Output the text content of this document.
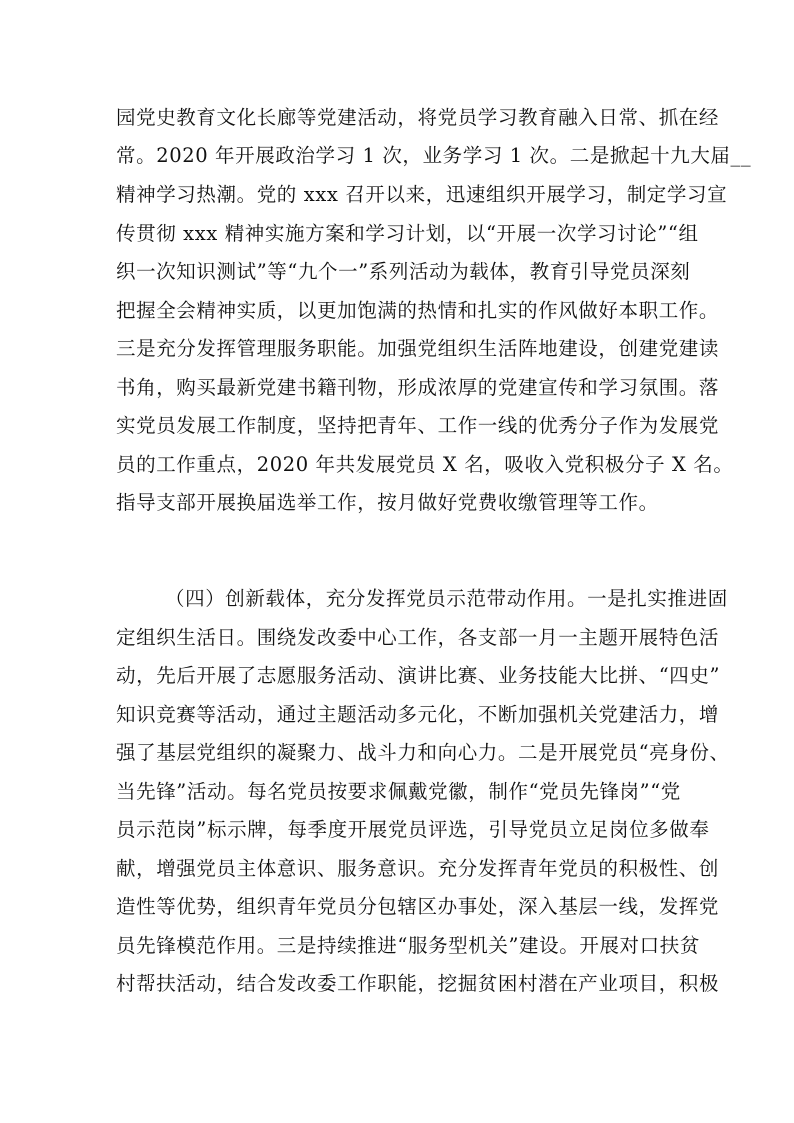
园党史教育文化长廊等党建活动，将党员学习教育融入日常、抓在经
常。2020 年开展政治学习 1 次，业务学习 1 次。二是掀起十九大届__
精神学习热潮。党的 xxx 召开以来，迅速组织开展学习，制定学习宣
传贯彻 xxx 精神实施方案和学习计划，以“开展一次学习讨论”“组
织一次知识测试”等“九个一”系列活动为载体，教育引导党员深刻
把握全会精神实质，以更加饱满的热情和扎实的作风做好本职工作。
三是充分发挥管理服务职能。加强党组织生活阵地建设，创建党建读
书角，购买最新党建书籍刊物，形成浓厚的党建宣传和学习氛围。落
实党员发展工作制度，坚持把青年、工作一线的优秀分子作为发展党
员的工作重点，2020 年共发展党员 X 名，吸收入党积极分子 X 名。
指导支部开展换届选举工作，按月做好党费收缴管理等工作。
（四）创新载体，充分发挥党员示范带动作用。一是扎实推进固
定组织生活日。围绕发改委中心工作，各支部一月一主题开展特色活
动，先后开展了志愿服务活动、演讲比赛、业务技能大比拼、“四史”
知识竞赛等活动，通过主题活动多元化，不断加强机关党建活力，增
强了基层党组织的凝聚力、战斗力和向心力。二是开展党员“亮身份、
当先锋”活动。每名党员按要求佩戴党徽，制作“党员先锋岗”“党
员示范岗”标示牌，每季度开展党员评选，引导党员立足岗位多做奉
献，增强党员主体意识、服务意识。充分发挥青年党员的积极性、创
造性等优势，组织青年党员分包辖区办事处，深入基层一线，发挥党
员先锋模范作用。三是持续推进“服务型机关”建设。开展对口扶贫
村帮扶活动，结合发改委工作职能，挖掘贫困村潜在产业项目，积极
